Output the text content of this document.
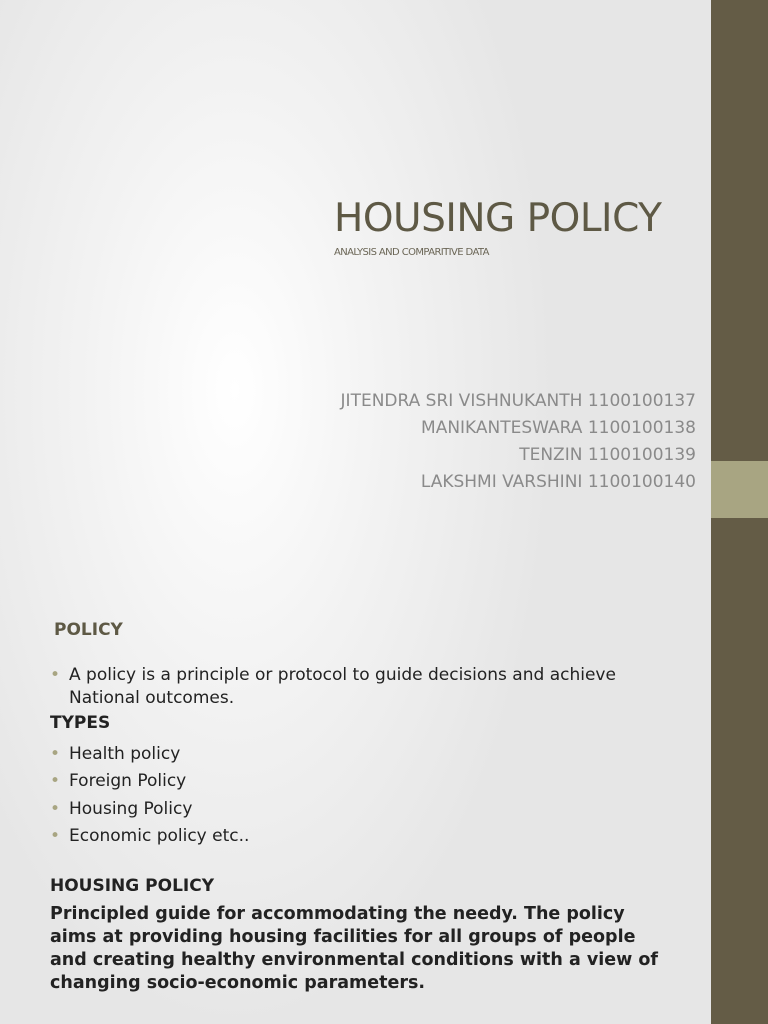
HOUSING POLICY

ANALYSIS AND COMPARITIVE DATA

JITENDRA SRI VISHNUKANTH 1100100137
MANIKANTESWARA 1100100138
TENZIN 1100100139
LAKSHMI VARSHINI 1100100140
POLICY
• A policy is a principle or protocol to guide decisions and achieve National outcomes.
TYPES
• Health policy
• Foreign Policy
• Housing Policy
• Economic policy etc..
HOUSING POLICY

Principled guide for accommodating the needy. The policy aims at providing housing facilities for all groups of people and creating healthy environmental conditions with a view of changing socio-economic parameters.
